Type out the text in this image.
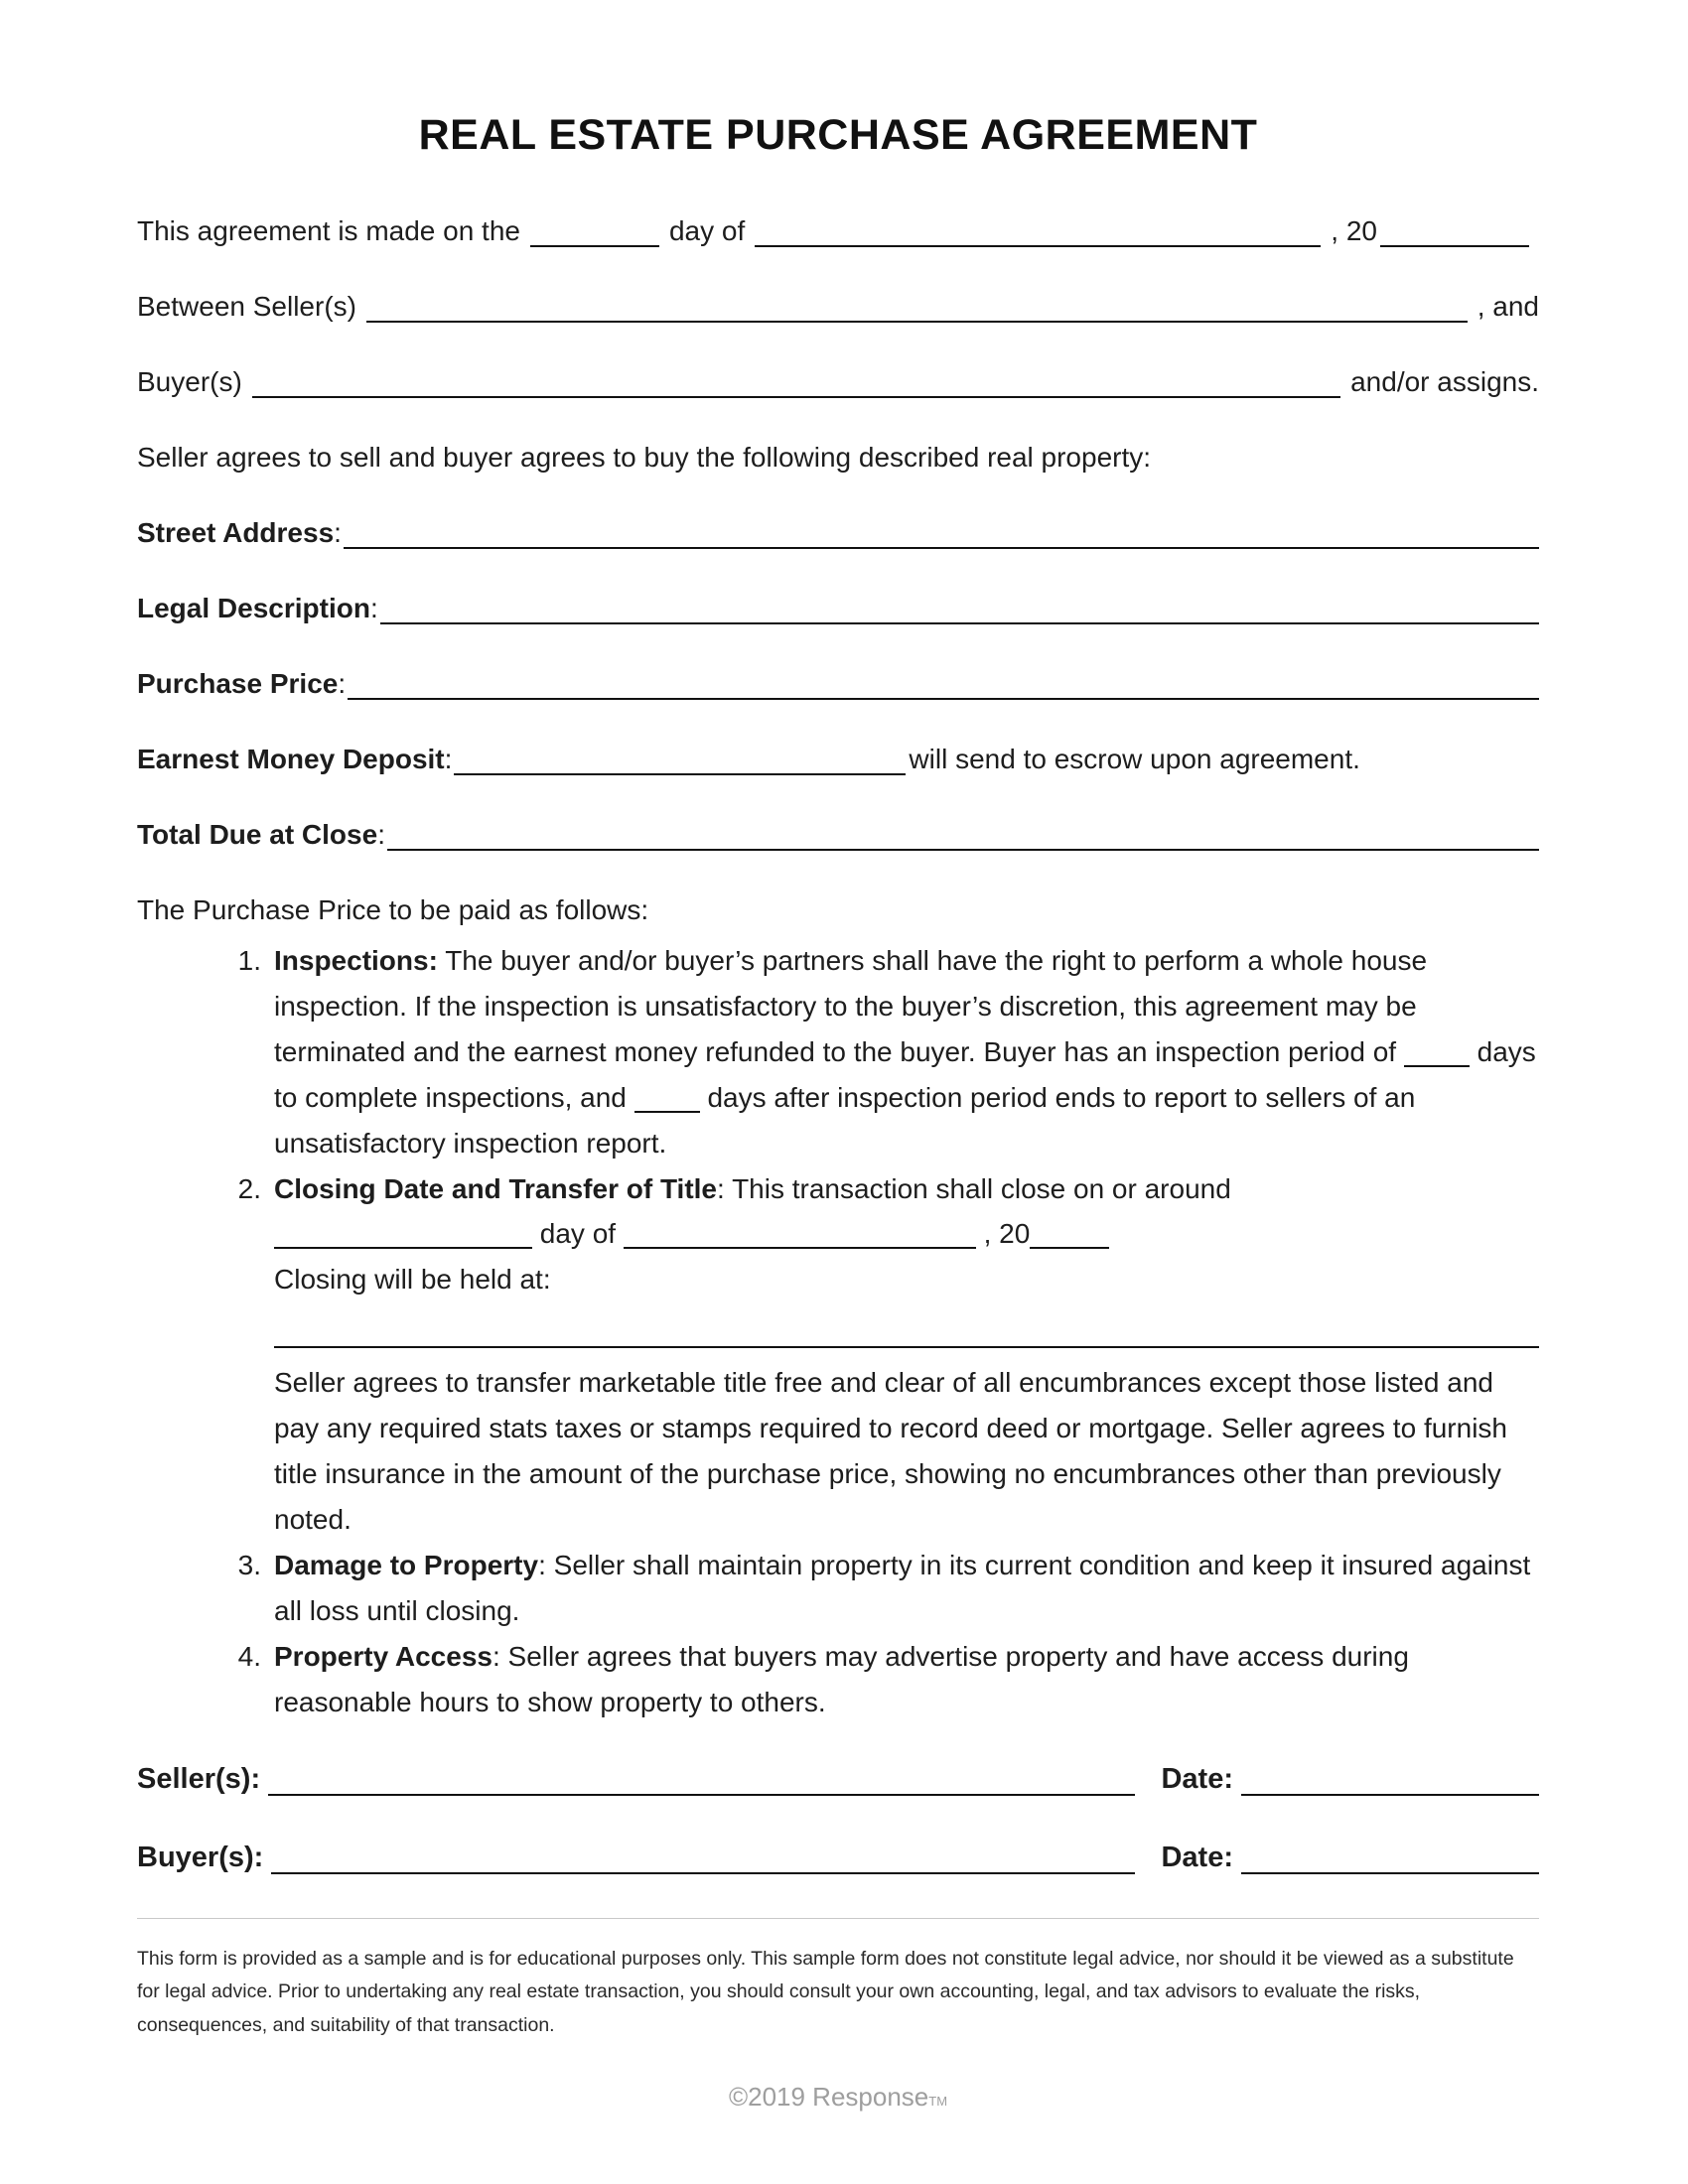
REAL ESTATE PURCHASE AGREEMENT
This agreement is made on the	day of	, 20
Between Seller(s)	, and
Buyer(s)	and/or assigns.
Seller agrees to sell and buyer agrees to buy the following described real property:
Street Address :
Legal Description :
Purchase Price :
Earnest Money Deposit :	will send to escrow upon agreement.
Total Due at Close :
The Purchase Price to be paid as follows:
1. Inspections: The buyer and/or buyer’s partners shall have the right to perform a whole house inspection. If the inspection is unsatisfactory to the buyer’s discretion, this agreement may be terminated and the earnest money refunded to the buyer. Buyer has an inspection period of	days to complete inspections, and	days after inspection period ends to report to sellers of an unsatisfactory inspection report.
2. Closing Date and Transfer of Title: This transaction shall close on or around
day of	, 20
Closing will be held at:
Seller agrees to transfer marketable title free and clear of all encumbrances except those listed and pay any required stats taxes or stamps required to record deed or mortgage. Seller agrees to furnish title insurance in the amount of the purchase price, showing no encumbrances other than previously noted.
3. Damage to Property: Seller shall maintain property in its current condition and keep it insured against all loss until closing.
4. Property Access: Seller agrees that buyers may advertise property and have access during reasonable hours to show property to others.
Seller(s):	Date:
Buyer(s):	Date:

This form is provided as a sample and is for educational purposes only. This sample form does not constitute legal advice, nor should it be viewed as a substitute for legal advice. Prior to undertaking any real estate transaction, you should consult your own accounting, legal, and tax advisors to evaluate the risks, consequences, and suitability of that transaction.

©2019 ResponseTM
